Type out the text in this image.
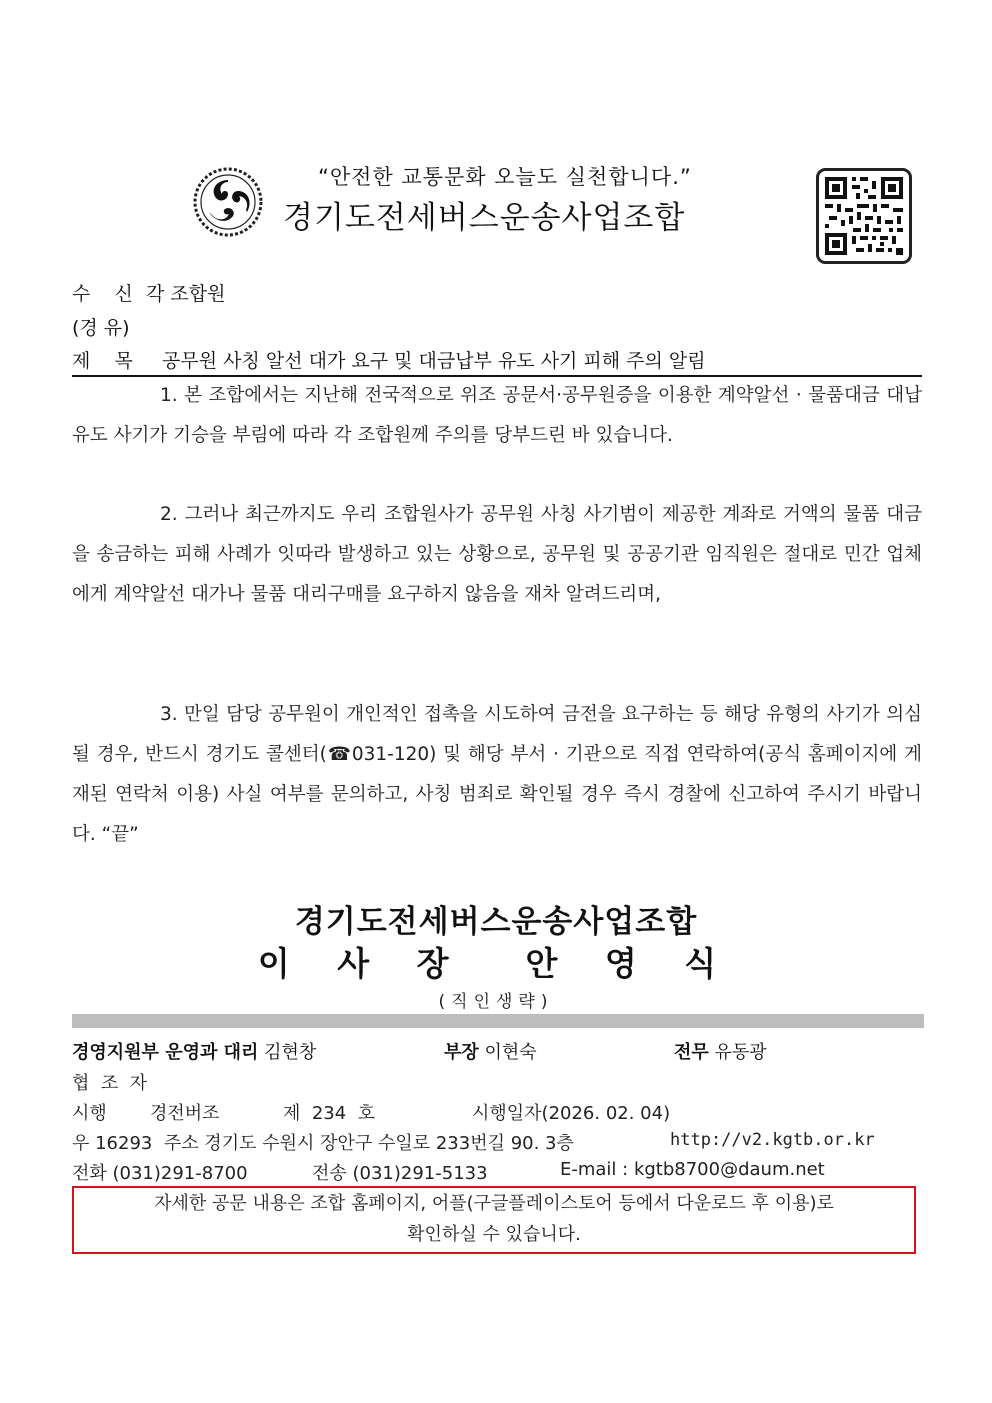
“안전한 교통문화 오늘도 실천합니다.”
경기도전세버스운송사업조합
수    신 각 조합원
(경 유)
제    목 공무원 사칭 알선 대가 요구 및 대금납부 유도 사기 피해 주의 알림

1. 본 조합에서는 지난해 전국적으로 위조 공문서·공무원증을 이용한 계약알선 · 물품대금 대납 유도 사기가 기승을 부림에 따라 각 조합원께 주의를 당부드린 바 있습니다.

2. 그러나 최근까지도 우리 조합원사가 공무원 사칭 사기범이 제공한 계좌로 거액의 물품 대금을 송금하는 피해 사례가 잇따라 발생하고 있는 상황으로, 공무원 및 공공기관 임직원은 절대로 민간 업체에게 계약알선 대가나 물품 대리구매를 요구하지 않음을 재차 알려드리며,

3. 만일 담당 공무원이 개인적인 접촉을 시도하여 금전을 요구하는 등 해당 유형의 사기가 의심될 경우, 반드시 경기도 콜센터(☎031-120) 및 해당 부서 · 기관으로 직접 연락하여(공식 홈페이지에 게재된 연락처 이용) 사실 여부를 문의하고, 사칭 범죄로 확인될 경우 즉시 경찰에 신고하여 주시기 바랍니다. “끝”

경기도전세버스운송사업조합
이 사 장  안 영 식
(직인생략)
경영지원부 운영과 대리 김현창	부장 이현숙	전무 유동광
협  조  자
시행 경전버조	제  234  호	시행일자(2026. 02. 04)
우 16293  주소 경기도 수원시 장안구 수일로 233번길 90. 3층	http://v2.kgtb.or.kr
전화 (031)291-8700	전송 (031)291-5133	E-mail : kgtb8700@daum.net
자세한 공문 내용은 조합 홈페이지, 어플(구글플레이스토어 등에서 다운로드 후 이용)로
확인하실 수 있습니다.
